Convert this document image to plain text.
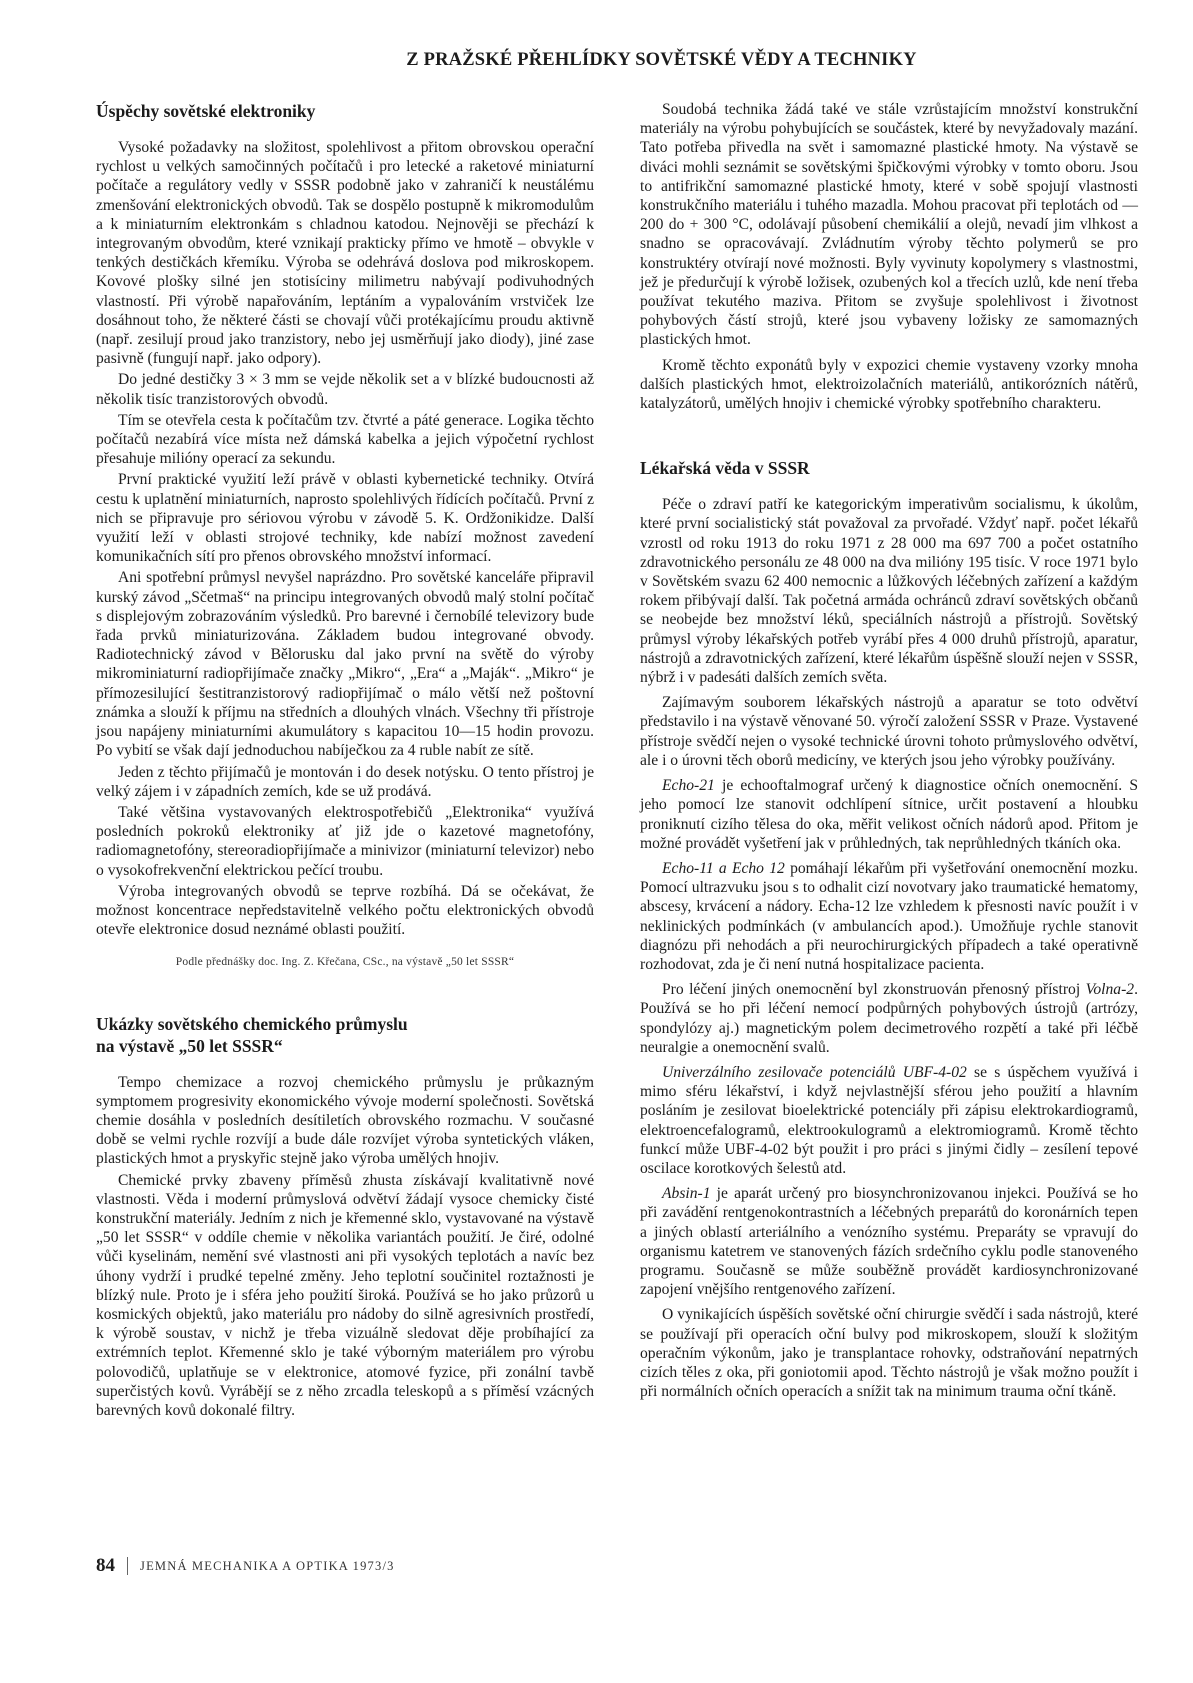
Z PRAŽSKÉ PŘEHLÍDKY SOVĚTSKÉ VĚDY A TECHNIKY
Úspěchy sovětské elektroniky

Vysoké požadavky na složitost, spolehlivost a přitom obrovskou operační rychlost u velkých samočinných počítačů i pro letecké a raketové miniaturní počítače a regulátory vedly v SSSR podobně jako v zahraničí k neustálému zmenšování elektronických obvodů. Tak se dospělo postupně k mikromodulům a k miniaturním elektronkám s chladnou katodou. Nejnověji se přechází k integrovaným obvodům, které vznikají prakticky přímo ve hmotě – obvykle v tenkých destičkách křemíku. Výroba se odehrává doslova pod mikroskopem. Kovové plošky silné jen stotisíciny milimetru nabývají podivuhodných vlastností. Při výrobě napařováním, leptáním a vypalováním vrstviček lze dosáhnout toho, že některé části se chovají vůči protékajícímu proudu aktivně (např. zesilují proud jako tranzistory, nebo jej usměrňují jako diody), jiné zase pasivně (fungují např. jako odpory).

Do jedné destičky 3 × 3 mm se vejde několik set a v blízké budoucnosti až několik tisíc tranzistorových obvodů.

Tím se otevřela cesta k počítačům tzv. čtvrté a páté generace. Logika těchto počítačů nezabírá více místa než dámská kabelka a jejich výpočetní rychlost přesahuje milióny operací za sekundu.

První praktické využití leží právě v oblasti kybernetické techniky. Otvírá cestu k uplatnění miniaturních, naprosto spolehlivých řídících počítačů. První z nich se připravuje pro sériovou výrobu v závodě 5. K. Ordžonikidze. Další využití leží v oblasti strojové techniky, kde nabízí možnost zavedení komunikačních sítí pro přenos obrovského množství informací.

Ani spotřební průmysl nevyšel naprázdno. Pro sovětské kanceláře připravil kurský závod „Sčetmaš“ na principu integrovaných obvodů malý stolní počítač s displejovým zobrazováním výsledků. Pro barevné i černobílé televizory bude řada prvků miniaturizována. Základem budou integrované obvody. Radiotechnický závod v Bělorusku dal jako první na světě do výroby mikrominiaturní radiopřijímače značky „Mikro“, „Era“ a „Maják“. „Mikro“ je přímozesilující šestitranzistorový radiopřijímač o málo větší než poštovní známka a slouží k příjmu na středních a dlouhých vlnách. Všechny tři přístroje jsou napájeny miniaturními akumulátory s kapacitou 10—15 hodin provozu. Po vybití se však dají jednoduchou nabíječkou za 4 ruble nabít ze sítě.

Jeden z těchto přijímačů je montován i do desek notýsku. O tento přístroj je velký zájem i v západních zemích, kde se už prodává.

Také většina vystavovaných elektrospotřebičů „Elektronika“ využívá posledních pokroků elektroniky ať již jde o kazetové magnetofóny, radiomagnetofóny, stereoradiopřijímače a minivizor (miniaturní televizor) nebo o vysokofrekvenční elektrickou pečící troubu.

Výroba integrovaných obvodů se teprve rozbíhá. Dá se očekávat, že možnost koncentrace nepředstavitelně velkého počtu elektronických obvodů otevře elektronice dosud neznámé oblasti použití.

Podle přednášky doc. Ing. Z. Křečana, CSc., na výstavě „50 let SSSR“

Ukázky sovětského chemického průmyslu
na výstavě „50 let SSSR“

Tempo chemizace a rozvoj chemického průmyslu je průkazným symptomem progresivity ekonomického vývoje moderní společnosti. Sovětská chemie dosáhla v posledních desítiletích obrovského rozmachu. V současné době se velmi rychle rozvíjí a bude dále rozvíjet výroba syntetických vláken, plastických hmot a pryskyřic stejně jako výroba umělých hnojiv.

Chemické prvky zbaveny příměsů zhusta získávají kvalitativně nové vlastnosti. Věda i moderní průmyslová odvětví žádají vysoce chemicky čisté konstrukční materiály. Jedním z nich je křemenné sklo, vystavované na výstavě „50 let SSSR“ v oddíle chemie v několika variantách použití. Je čiré, odolné vůči kyselinám, nemění své vlastnosti ani při vysokých teplotách a navíc bez úhony vydrží i prudké tepelné změny. Jeho teplotní součinitel roztažnosti je blízký nule. Proto je i sféra jeho použití široká. Používá se ho jako průzorů u kosmických objektů, jako materiálu pro nádoby do silně agresivních prostředí, k výrobě soustav, v nichž je třeba vizuálně sledovat děje probíhající za extrémních teplot. Křemenné sklo je také výborným materiálem pro výrobu polovodičů, uplatňuje se v elektronice, atomové fyzice, při zonální tavbě superčistých kovů. Vyrábějí se z něho zrcadla teleskopů a s příměsí vzácných barevných kovů dokonalé filtry.

Soudobá technika žádá také ve stále vzrůstajícím množství konstrukční materiály na výrobu pohybujících se součástek, které by nevyžadovaly mazání. Tato potřeba přivedla na svět i samomazné plastické hmoty. Na výstavě se diváci mohli seznámit se sovětskými špičkovými výrobky v tomto oboru. Jsou to antifrikční samomazné plastické hmoty, které v sobě spojují vlastnosti konstrukčního materiálu i tuhého mazadla. Mohou pracovat při teplotách od — 200 do + 300 °C, odolávají působení chemikálií a olejů, nevadí jim vlhkost a snadno se opracovávají. Zvládnutím výroby těchto polymerů se pro konstruktéry otvírají nové možnosti. Byly vyvinuty kopolymery s vlastnostmi, jež je předurčují k výrobě ložisek, ozubených kol a třecích uzlů, kde není třeba používat tekutého maziva. Přitom se zvyšuje spolehlivost i životnost pohybových částí strojů, které jsou vybaveny ložisky ze samomazných plastických hmot.

Kromě těchto exponátů byly v expozici chemie vystaveny vzorky mnoha dalších plastických hmot, elektroizolačních materiálů, antikorózních nátěrů, katalyzátorů, umělých hnojiv i chemické výrobky spotřebního charakteru.

Lékařská věda v SSSR

Péče o zdraví patří ke kategorickým imperativům socialismu, k úkolům, které první socialistický stát považoval za prvořadé. Vždyť např. počet lékařů vzrostl od roku 1913 do roku 1971 z 28 000 ma 697 700 a počet ostatního zdravotnického personálu ze 48 000 na dva milióny 195 tisíc. V roce 1971 bylo v Sovětském svazu 62 400 nemocnic a lůžkových léčebných zařízení a každým rokem přibývají další. Tak početná armáda ochránců zdraví sovětských občanů se neobejde bez množství léků, speciálních nástrojů a přístrojů. Sovětský průmysl výroby lékařských potřeb vyrábí přes 4 000 druhů přístrojů, aparatur, nástrojů a zdravotnických zařízení, které lékařům úspěšně slouží nejen v SSSR, nýbrž i v padesáti dalších zemích světa.

Zajímavým souborem lékařských nástrojů a aparatur se toto odvětví představilo i na výstavě věnované 50. výročí založení SSSR v Praze. Vystavené přístroje svědčí nejen o vysoké technické úrovni tohoto průmyslového odvětví, ale i o úrovni těch oborů medicíny, ve kterých jsou jeho výrobky používány.

Echo-21 je echooftalmograf určený k diagnostice očních onemocnění. S jeho pomocí lze stanovit odchlípení sítnice, určit postavení a hloubku proniknutí cizího tělesa do oka, měřit velikost očních nádorů apod. Přitom je možné provádět vyšetření jak v průhledných, tak neprůhledných tkáních oka.

Echo-11 a Echo 12 pomáhají lékařům při vyšetřování onemocnění mozku. Pomocí ultrazvuku jsou s to odhalit cizí novotvary jako traumatické hematomy, abscesy, krvácení a nádory. Echa-12 lze vzhledem k přesnosti navíc použít i v neklinických podmínkách (v ambulancích apod.). Umožňuje rychle stanovit diagnózu při nehodách a při neurochirurgických případech a také operativně rozhodovat, zda je či není nutná hospitalizace pacienta.

Pro léčení jiných onemocnění byl zkonstruován přenosný přístroj Volna-2. Používá se ho při léčení nemocí podpůrných pohybových ústrojů (artrózy, spondylózy aj.) magnetickým polem decimetrového rozpětí a také při léčbě neuralgie a onemocnění svalů.

Univerzálního zesilovače potenciálů UBF-4-02 se s úspěchem využívá i mimo sféru lékařství, i když nejvlastnější sférou jeho použití a hlavním posláním je zesilovat bioelektrické potenciály při zápisu elektrokardiogramů, elektroencefalogramů, elektrookulogramů a elektromiogramů. Kromě těchto funkcí může UBF-4-02 být použit i pro práci s jinými čidly – zesílení tepové oscilace korotkových šelestů atd.

Absin-1 je aparát určený pro biosynchronizovanou injekci. Používá se ho při zavádění rentgenokontrastních a léčebných preparátů do koronárních tepen a jiných oblastí arteriálního a venózního systému. Preparáty se vpravují do organismu katetrem ve stanovených fázích srdečního cyklu podle stanoveného programu. Současně se může souběžně provádět kardiosynchronizované zapojení vnějšího rentgenového zařízení.

O vynikajících úspěších sovětské oční chirurgie svědčí i sada nástrojů, které se používají při operacích oční bulvy pod mikroskopem, slouží k složitým operačním výkonům, jako je transplantace rohovky, odstraňování nepatrných cizích těles z oka, při goniotomii apod. Těchto nástrojů je však možno použít i při normálních očních operacích a snížit tak na minimum trauma oční tkáně.

84 JEMNÁ MECHANIKA A OPTIKA 1973/3
